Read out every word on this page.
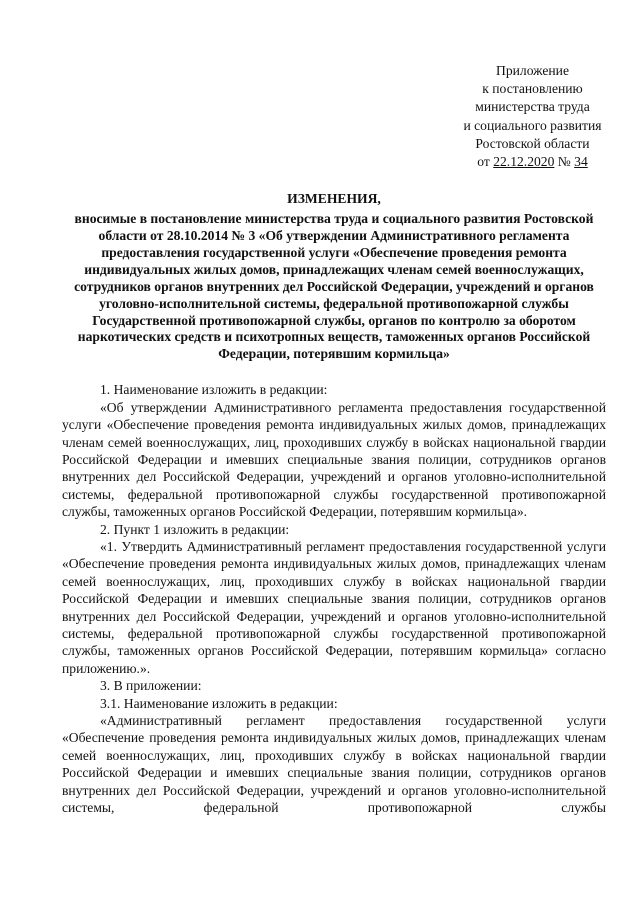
Приложение
к постановлению
министерства труда
и социального развития
Ростовской области
от 22.12.2020 № 34
ИЗМЕНЕНИЯ,
вносимые в постановление министерства труда и социального развития Ростовской области от 28.10.2014 № 3 «Об утверждении Административного регламента предоставления государственной услуги «Обеспечение проведения ремонта индивидуальных жилых домов, принадлежащих членам семей военнослужащих, сотрудников органов внутренних дел Российской Федерации, учреждений и органов уголовно-исполнительной системы, федеральной противопожарной службы Государственной противопожарной службы, органов по контролю за оборотом наркотических средств и психотропных веществ, таможенных органов Российской Федерации, потерявшим кормильца»

1. Наименование изложить в редакции:

«Об утверждении Административного регламента предоставления государственной услуги «Обеспечение проведения ремонта индивидуальных жилых домов, принадлежащих членам семей военнослужащих, лиц, проходивших службу в войсках национальной гвардии Российской Федерации и имевших специальные звания полиции, сотрудников органов внутренних дел Российской Федерации, учреждений и органов уголовно-исполнительной системы, федеральной противопожарной службы государственной противопожарной службы, таможенных органов Российской Федерации, потерявшим кормильца».

2. Пункт 1 изложить в редакции:

«1. Утвердить Административный регламент предоставления государственной услуги «Обеспечение проведения ремонта индивидуальных жилых домов, принадлежащих членам семей военнослужащих, лиц, проходивших службу в войсках национальной гвардии Российской Федерации и имевших специальные звания полиции, сотрудников органов внутренних дел Российской Федерации, учреждений и органов уголовно-исполнительной системы, федеральной противопожарной службы государственной противопожарной службы, таможенных органов Российской Федерации, потерявшим кормильца» согласно приложению.».

3. В приложении:

3.1. Наименование изложить в редакции:

«Административный регламент предоставления государственной услуги «Обеспечение проведения ремонта индивидуальных жилых домов, принадлежащих членам семей военнослужащих, лиц, проходивших службу в войсках национальной гвардии Российской Федерации и имевших специальные звания полиции, сотрудников органов внутренних дел Российской Федерации, учреждений и органов уголовно-исполнительной системы, федеральной противопожарной службы
